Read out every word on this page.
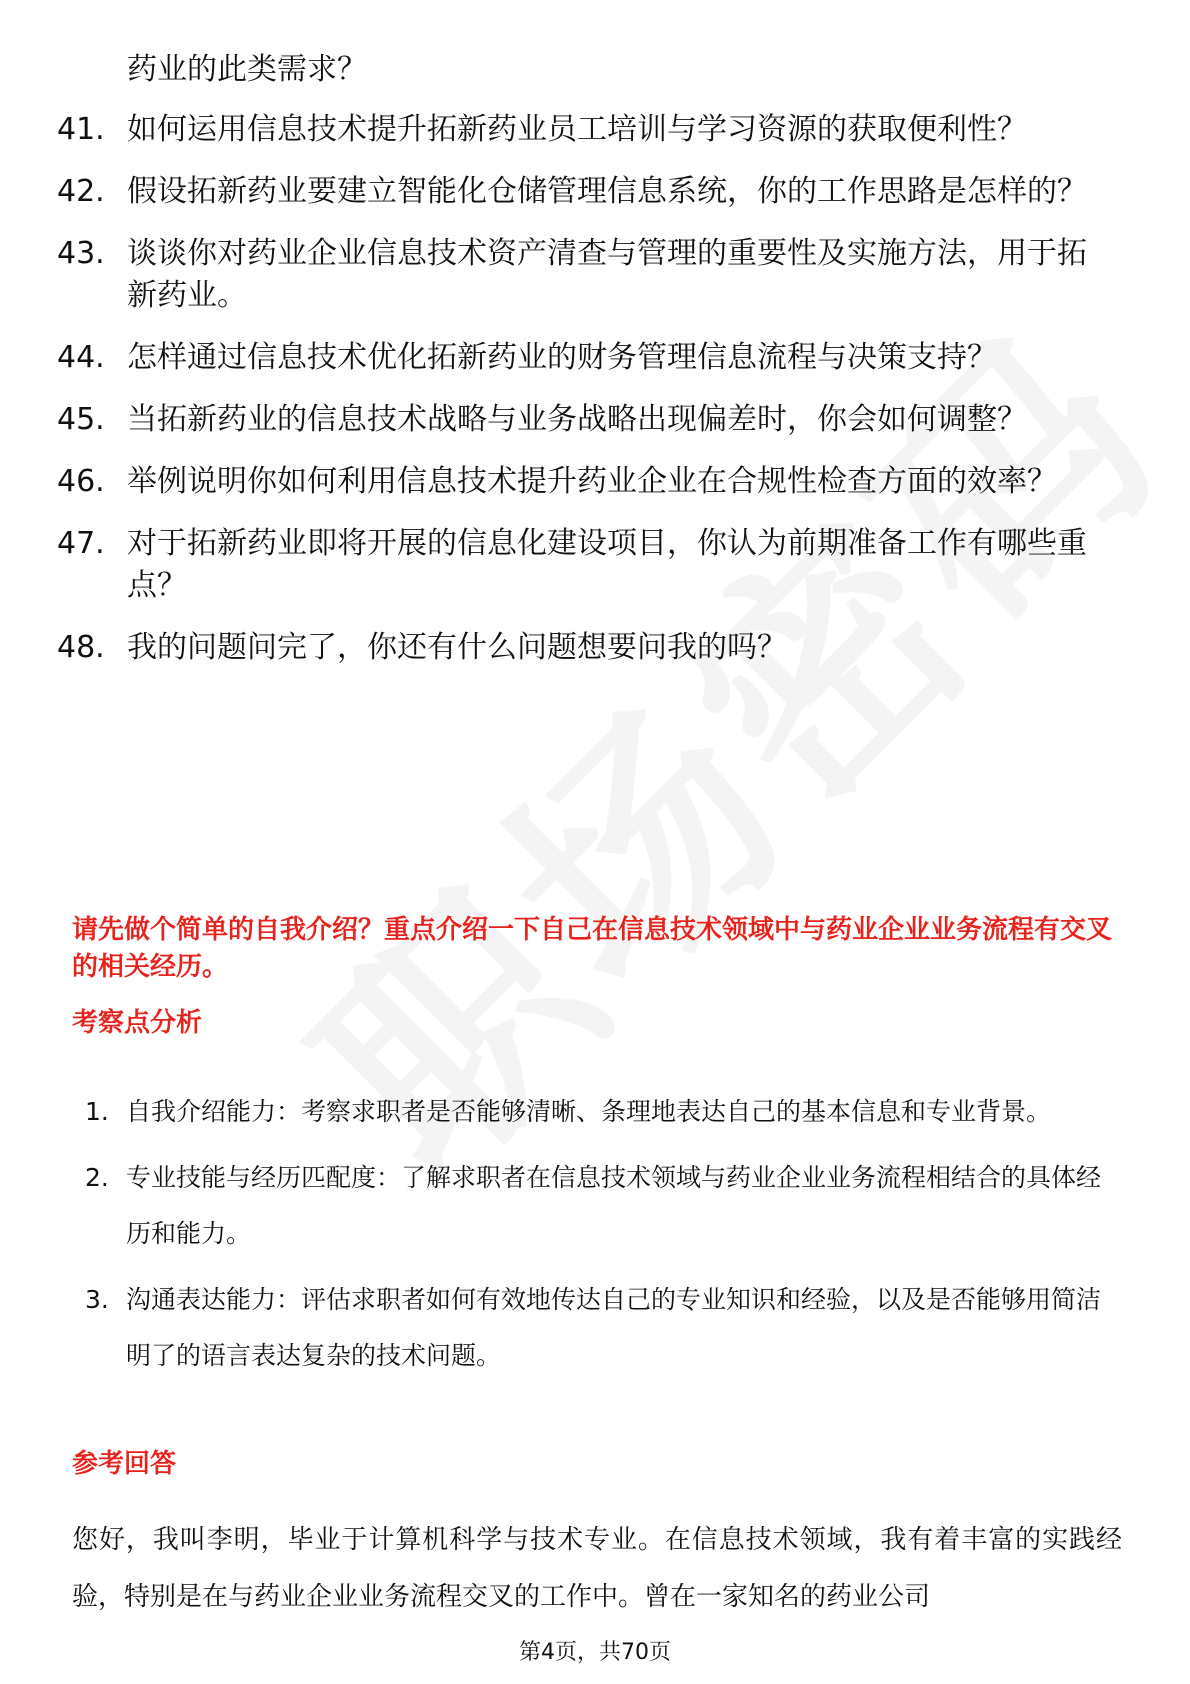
药业的此类需求？
41. 如何运用信息技术提升拓新药业员工培训与学习资源的获取便利性？
42. 假设拓新药业要建立智能化仓储管理信息系统，你的工作思路是怎样的？
43. 谈谈你对药业企业信息技术资产清查与管理的重要性及实施方法，用于拓新药业。
44. 怎样通过信息技术优化拓新药业的财务管理信息流程与决策支持？
45. 当拓新药业的信息技术战略与业务战略出现偏差时，你会如何调整？
46. 举例说明你如何利用信息技术提升药业企业在合规性检查方面的效率？
47. 对于拓新药业即将开展的信息化建设项目，你认为前期准备工作有哪些重点？
48. 我的问题问完了，你还有什么问题想要问我的吗？

请先做个简单的自我介绍？重点介绍一下自己在信息技术领域中与药业企业业务流程有交叉的相关经历。

考察点分析
1. 自我介绍能力：考察求职者是否能够清晰、条理地表达自己的基本信息和专业背景。
2. 专业技能与经历匹配度：了解求职者在信息技术领域与药业企业业务流程相结合的具体经历和能力。
3. 沟通表达能力：评估求职者如何有效地传达自己的专业知识和经验，以及是否能够用简洁明了的语言表达复杂的技术问题。
参考回答

您好，我叫李明，毕业于计算机科学与技术专业。在信息技术领域，我有着丰富的实践经验，特别是在与药业企业业务流程交叉的工作中。曾在一家知名的药业公司

第4页，共70页
